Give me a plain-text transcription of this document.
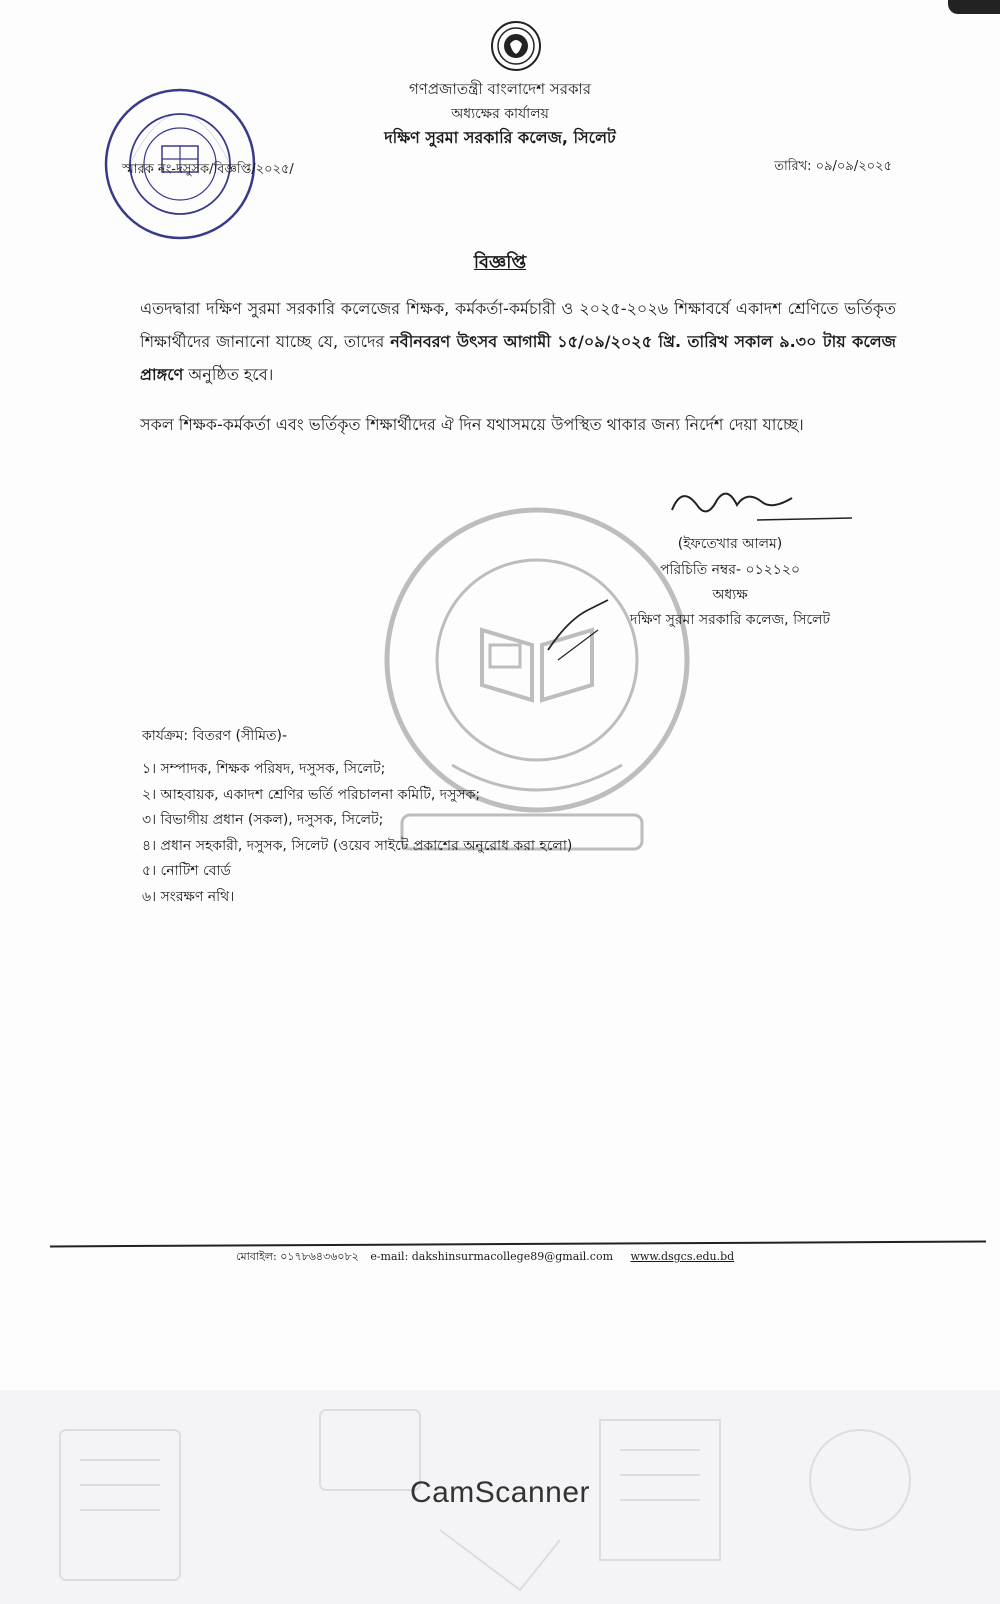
গণপ্রজাতন্ত্রী বাংলাদেশ সরকার
অধ্যক্ষের কার্যালয়
দক্ষিণ সুরমা সরকারি কলেজ, সিলেট
স্মারক নং-দসুসক/বিজ্ঞপ্তি/২০২৫/	তারিখ: ০৯/০৯/২০২৫
বিজ্ঞপ্তি
এতদদ্বারা দক্ষিণ সুরমা সরকারি কলেজের শিক্ষক, কর্মকর্তা-কর্মচারী ও ২০২৫-২০২৬ শিক্ষাবর্ষে একাদশ শ্রেণিতে ভর্তিকৃত শিক্ষার্থীদের জানানো যাচ্ছে যে, তাদের নবীনবরণ উৎসব আগামী ১৫/০৯/২০২৫ খ্রি. তারিখ সকাল ৯.৩০ টায় কলেজ প্রাঙ্গণে অনুষ্ঠিত হবে।
সকল শিক্ষক-কর্মকর্তা এবং ভর্তিকৃত শিক্ষার্থীদের ঐ দিন যথাসময়ে উপস্থিত থাকার জন্য নির্দেশ দেয়া যাচ্ছে।
(ইফতেখার আলম)
পরিচিতি নম্বর- ০১২১২০
অধ্যক্ষ
দক্ষিণ সুরমা সরকারি কলেজ, সিলেট
কার্যক্রম: বিতরণ (সীমিত)-
১। সম্পাদক, শিক্ষক পরিষদ, দসুসক, সিলেট;
২। আহবায়ক, একাদশ শ্রেণির ভর্তি পরিচালনা কমিটি, দসুসক;
৩। বিভাগীয় প্রধান (সকল), দসুসক, সিলেট;
৪। প্রধান সহকারী, দসুসক, সিলেট (ওয়েব সাইটে প্রকাশের অনুরোধ করা হলো)
৫। নোটিশ বোর্ড
৬। সংরক্ষণ নথি।
মোবাইল: ০১৭৮৬৪৩৬০৮২ e-mail: dakshinsurmacollege89@gmail.com www.dsgcs.edu.bd
CamScanner
